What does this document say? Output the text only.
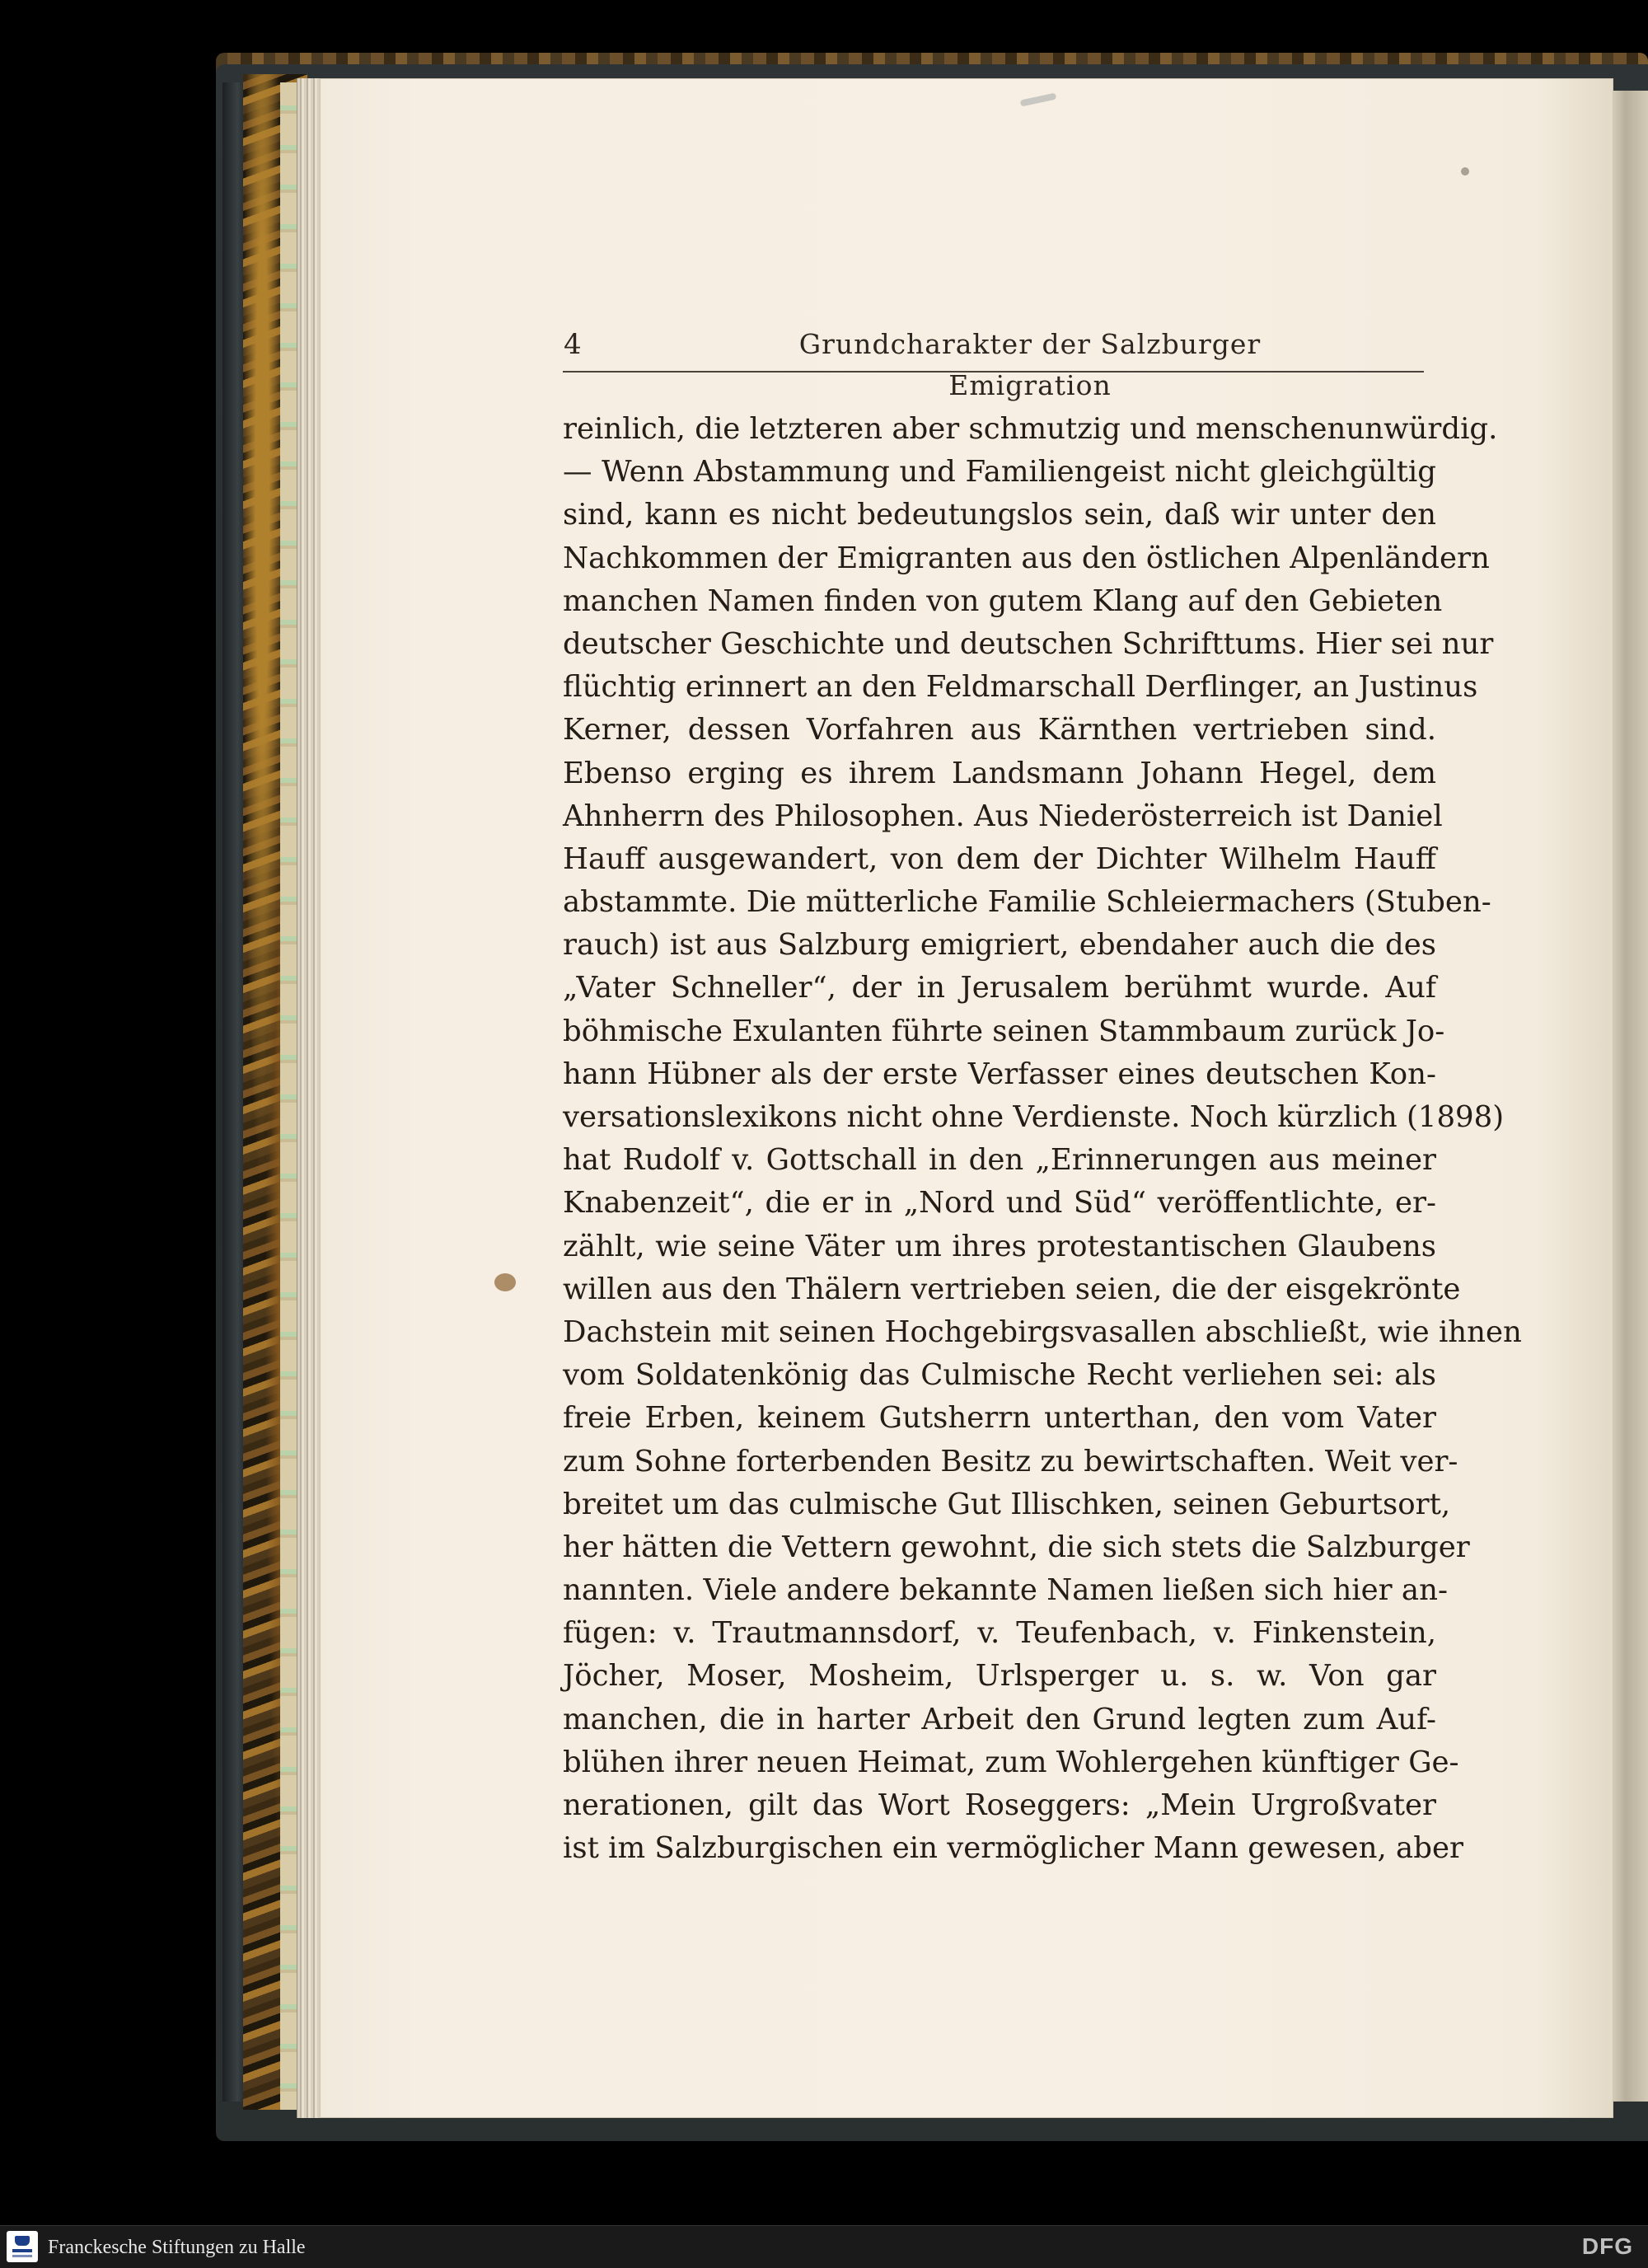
4	Grundcharakter der Salzburger Emigration
reinlich, die letzteren aber schmutzig und menschenunwürdig.
— Wenn Abstammung und Familiengeist nicht gleichgültig
sind, kann es nicht bedeutungslos sein, daß wir unter den
Nachkommen der Emigranten aus den östlichen Alpenländern
manchen Namen finden von gutem Klang auf den Gebieten
deutscher Geschichte und deutschen Schrifttums. Hier sei nur
flüchtig erinnert an den Feldmarschall Derflinger, an Justinus
Kerner, dessen Vorfahren aus Kärnthen vertrieben sind.
Ebenso erging es ihrem Landsmann Johann Hegel, dem
Ahnherrn des Philosophen. Aus Niederösterreich ist Daniel
Hauff ausgewandert, von dem der Dichter Wilhelm Hauff
abstammte. Die mütterliche Familie Schleiermachers (Stuben-
rauch) ist aus Salzburg emigriert, ebendaher auch die des
„Vater Schneller“, der in Jerusalem berühmt wurde. Auf
böhmische Exulanten führte seinen Stammbaum zurück Jo-
hann Hübner als der erste Verfasser eines deutschen Kon-
versationslexikons nicht ohne Verdienste. Noch kürzlich (1898)
hat Rudolf v. Gottschall in den „Erinnerungen aus meiner
Knabenzeit“, die er in „Nord und Süd“ veröffentlichte, er-
zählt, wie seine Väter um ihres protestantischen Glaubens
willen aus den Thälern vertrieben seien, die der eisgekrönte
Dachstein mit seinen Hochgebirgsvasallen abschließt, wie ihnen
vom Soldatenkönig das Culmische Recht verliehen sei: als
freie Erben, keinem Gutsherrn unterthan, den vom Vater
zum Sohne forterbenden Besitz zu bewirtschaften. Weit ver-
breitet um das culmische Gut Illischken, seinen Geburtsort,
her hätten die Vettern gewohnt, die sich stets die Salzburger
nannten. Viele andere bekannte Namen ließen sich hier an-
fügen: v. Trautmannsdorf, v. Teufenbach, v. Finkenstein,
Jöcher, Moser, Mosheim, Urlsperger u. s. w. Von gar
manchen, die in harter Arbeit den Grund legten zum Auf-
blühen ihrer neuen Heimat, zum Wohlergehen künftiger Ge-
nerationen, gilt das Wort Roseggers: „Mein Urgroßvater
ist im Salzburgischen ein vermöglicher Mann gewesen, aber
Franckesche Stiftungen zu Halle	DFG
